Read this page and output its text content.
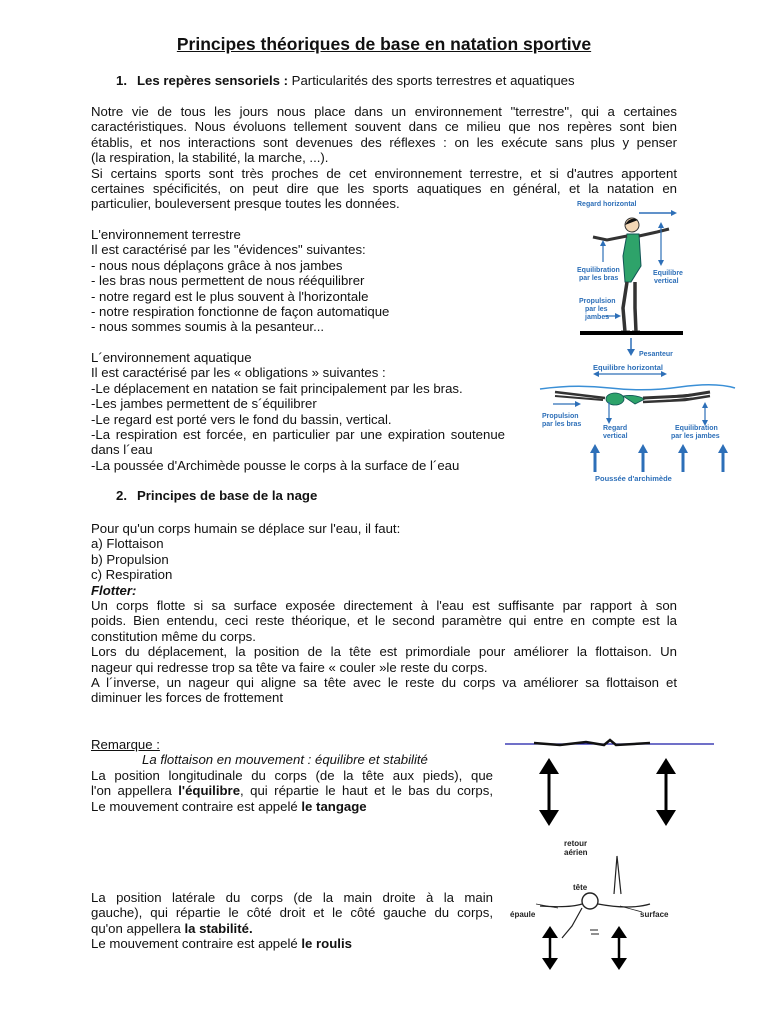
Principes théoriques de base en natation sportive
1. Les repères sensoriels : Particularités des sports terrestres et aquatiques
Notre vie de tous les jours nous place dans un environnement "terrestre", qui a certaines
caractéristiques. Nous évoluons tellement souvent dans ce milieu que nos repères sont bien
établis, et nos interactions sont devenues des réflexes : on les exécute sans plus y penser
(la respiration, la stabilité, la marche, ...).
Si certains sports sont très proches de cet environnement terrestre, et si d'autres apportent
certaines spécificités, on peut dire que les sports aquatiques en général, et la natation en
particulier, bouleversent presque toutes les données.
L'environnement terrestre
Il est caractérisé par les "évidences" suivantes:
- nous nous déplaçons grâce à nos jambes
- les bras nous permettent de nous rééquilibrer
- notre regard est le plus souvent à l'horizontale
- notre respiration fonctionne de façon automatique
- nous sommes soumis à la pesanteur...
L´environnement aquatique
Il est caractérisé par les « obligations » suivantes :
-Le déplacement en natation se fait principalement par les bras.
-Les jambes permettent de s´équilibrer
-Le regard est porté vers le fond du bassin, vertical.
-La respiration est forcée, en particulier par une expiration soutenue
dans l´eau
-La poussée d'Archimède pousse le corps à la surface de l´eau
Regard horizontal
Equilibre vertical
Equilibration par les bras
Propulsion par les jambes
Pesanteur
Equilibre horizontal
Propulsion par les bras
Regard vertical
Equilibration par les jambes
Poussée d'archimède
2. Principes de base de la nage
Pour qu'un corps humain se déplace sur l'eau, il faut:
a) Flottaison
b) Propulsion
c) Respiration
Flotter:
Un corps flotte si sa surface exposée directement à l'eau est suffisante par rapport à son
poids. Bien entendu, ceci reste théorique, et le second paramètre qui entre en compte est la
constitution même du corps.
Lors du déplacement, la position de la tête est primordiale pour améliorer la flottaison. Un
nageur qui redresse trop sa tête va faire « couler »le reste du corps.
A l´inverse, un nageur qui aligne sa tête avec le reste du corps va améliorer sa flottaison et
diminuer les forces de frottement
Remarque :
La flottaison en mouvement : équilibre et stabilité
La position longitudinale du corps (de la tête aux pieds), que
l'on appellera l'équilibre, qui répartie le haut et le bas du corps,
Le mouvement contraire est appelé le tangage
La position latérale du corps (de la main droite à la main
gauche), qui répartie le côté droit et le côté gauche du corps,
qu'on appellera la stabilité.
Le mouvement contraire est appelé le roulis
retour aérien
tête
épaule	surface
